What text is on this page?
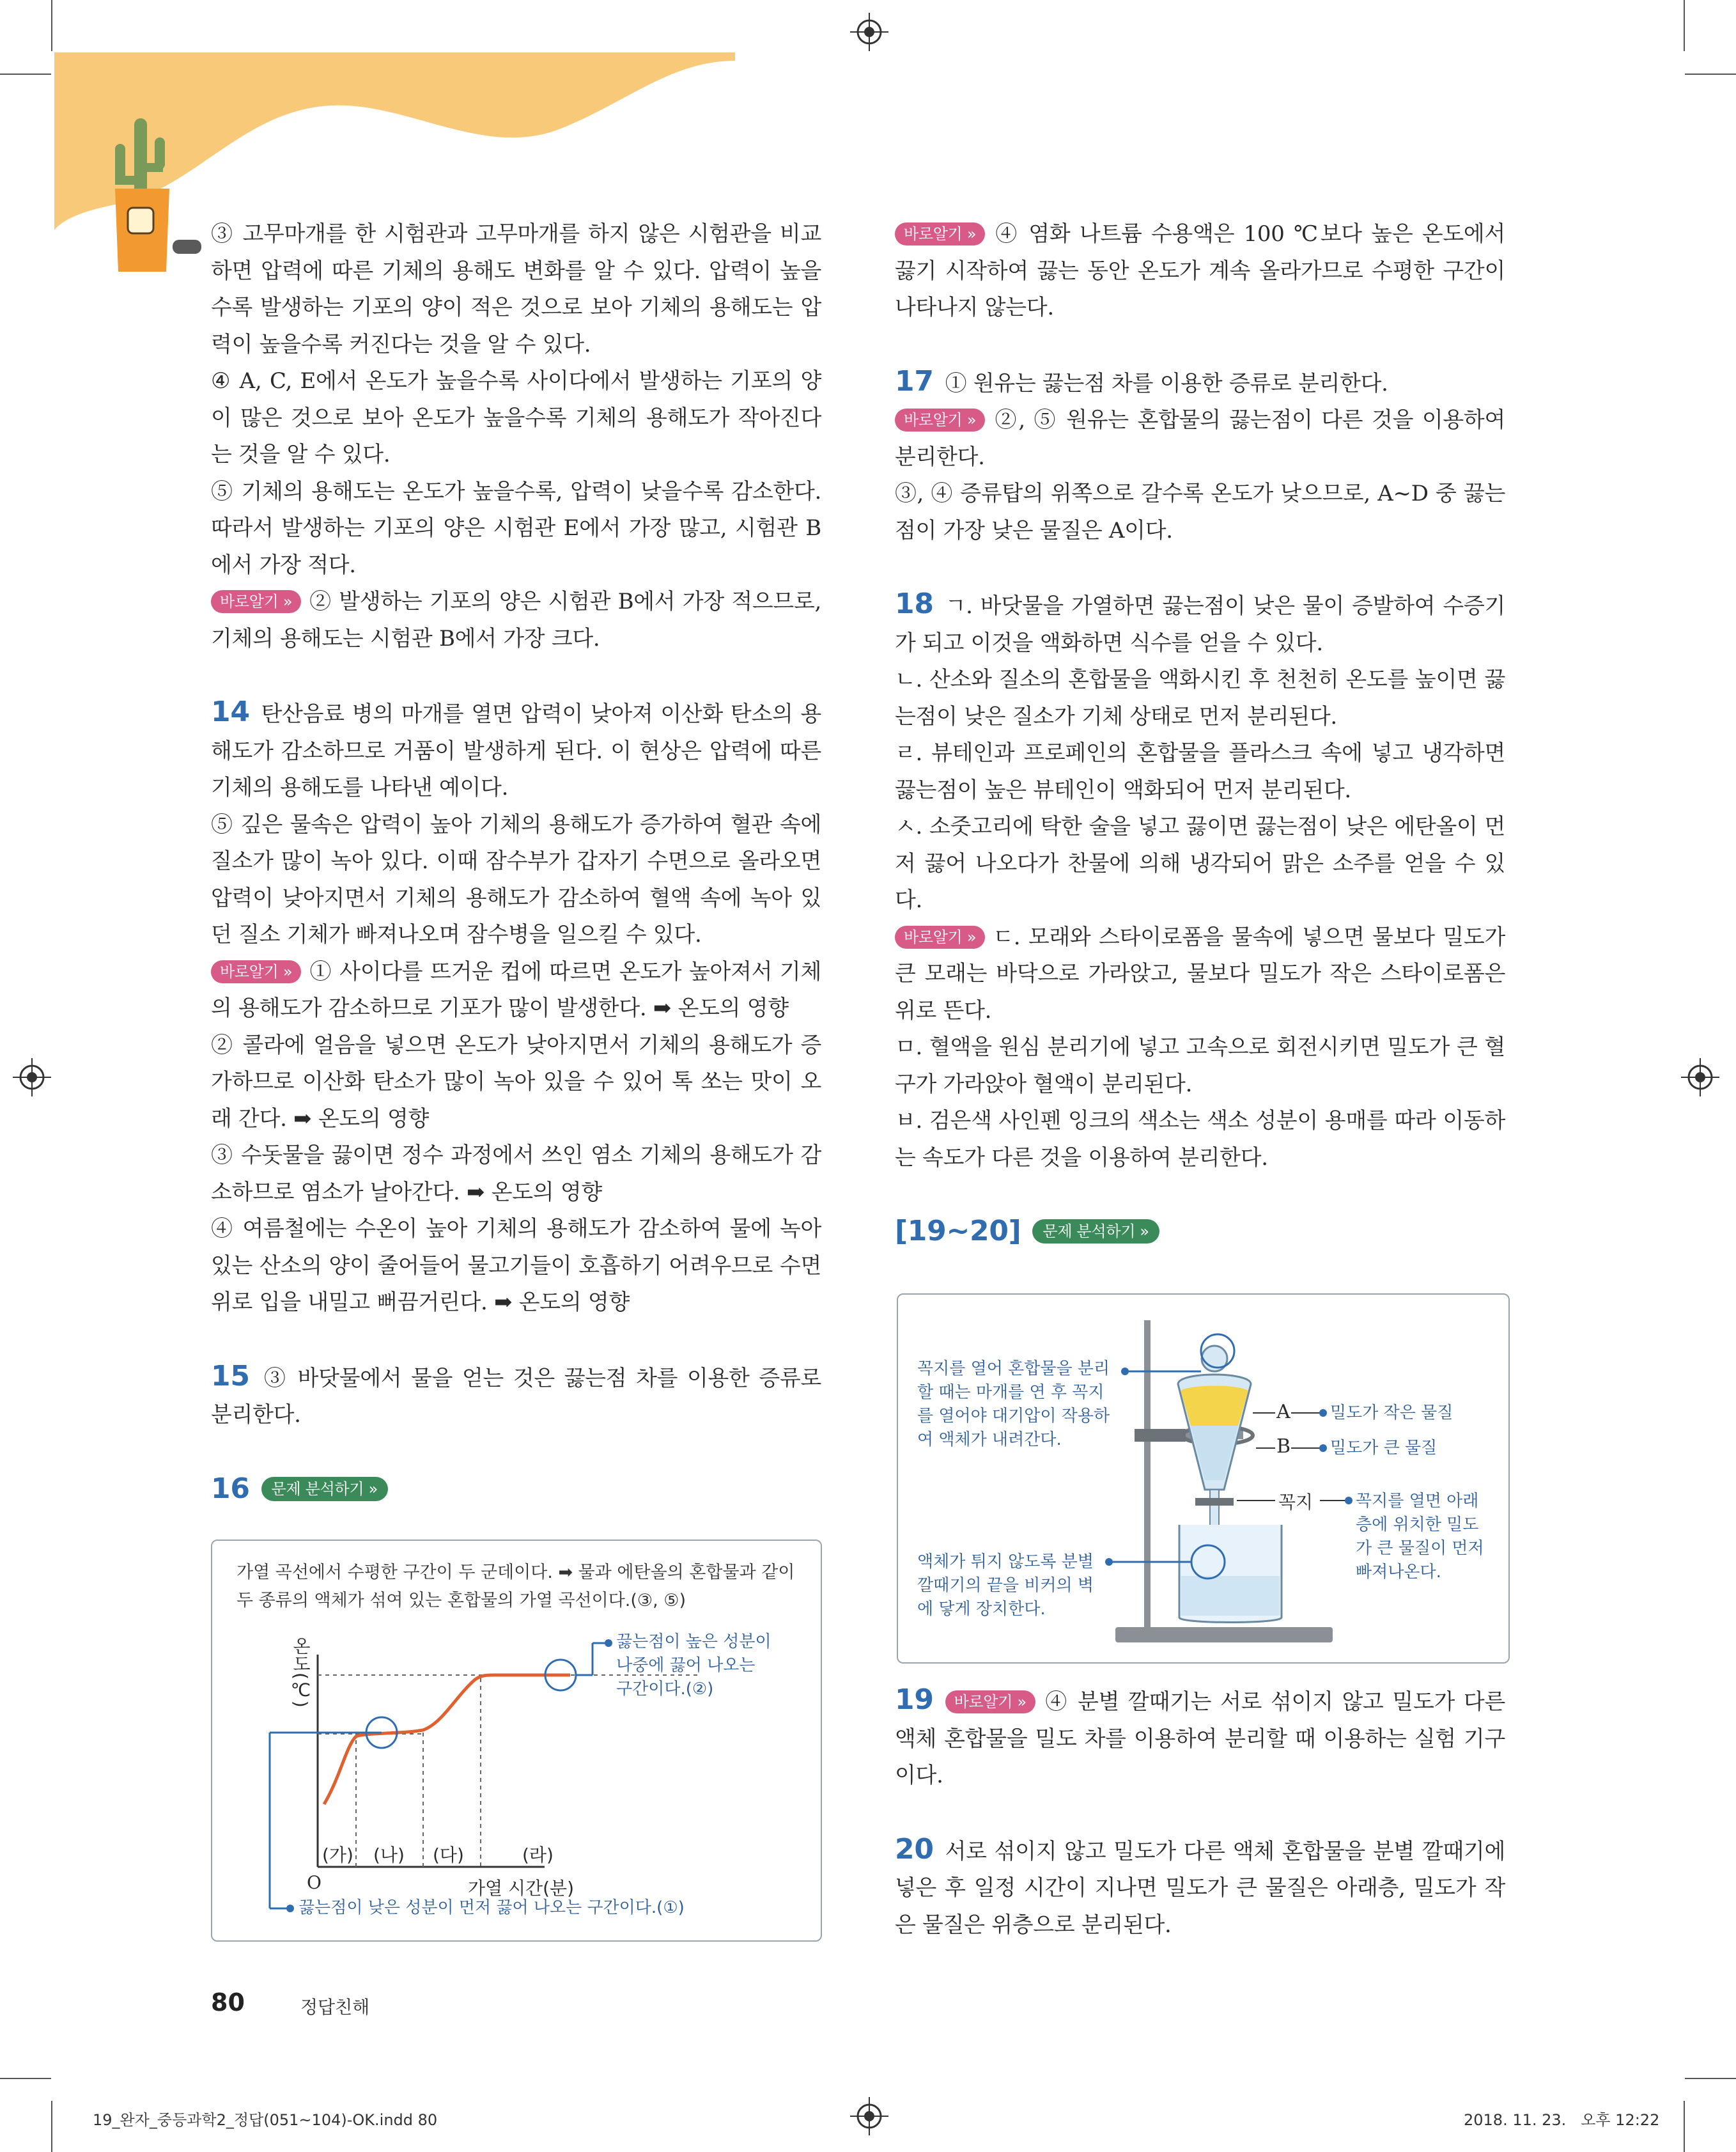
③ 고무마개를 한 시험관과 고무마개를 하지 않은 시험관을 비교하면 압력에 따른 기체의 용해도 변화를 알 수 있다. 압력이 높을수록 발생하는 기포의 양이 적은 것으로 보아 기체의 용해도는 압력이 높을수록 커진다는 것을 알 수 있다.

④ A, C, E에서 온도가 높을수록 사이다에서 발생하는 기포의 양이 많은 것으로 보아 온도가 높을수록 기체의 용해도가 작아진다는 것을 알 수 있다.

⑤ 기체의 용해도는 온도가 높을수록, 압력이 낮을수록 감소한다. 따라서 발생하는 기포의 양은 시험관 E에서 가장 많고, 시험관 B에서 가장 적다.

바로알기 » ② 발생하는 기포의 양은 시험관 B에서 가장 적으므로, 기체의 용해도는 시험관 B에서 가장 크다.

14 탄산음료 병의 마개를 열면 압력이 낮아져 이산화 탄소의 용해도가 감소하므로 거품이 발생하게 된다. 이 현상은 압력에 따른 기체의 용해도를 나타낸 예이다.

⑤ 깊은 물속은 압력이 높아 기체의 용해도가 증가하여 혈관 속에 질소가 많이 녹아 있다. 이때 잠수부가 갑자기 수면으로 올라오면 압력이 낮아지면서 기체의 용해도가 감소하여 혈액 속에 녹아 있던 질소 기체가 빠져나오며 잠수병을 일으킬 수 있다.

바로알기 » ① 사이다를 뜨거운 컵에 따르면 온도가 높아져서 기체의 용해도가 감소하므로 기포가 많이 발생한다. ➡ 온도의 영향

② 콜라에 얼음을 넣으면 온도가 낮아지면서 기체의 용해도가 증가하므로 이산화 탄소가 많이 녹아 있을 수 있어 톡 쏘는 맛이 오래 간다. ➡ 온도의 영향

③ 수돗물을 끓이면 정수 과정에서 쓰인 염소 기체의 용해도가 감소하므로 염소가 날아간다. ➡ 온도의 영향

④ 여름철에는 수온이 높아 기체의 용해도가 감소하여 물에 녹아 있는 산소의 양이 줄어들어 물고기들이 호흡하기 어려우므로 수면 위로 입을 내밀고 뻐끔거린다. ➡ 온도의 영향

15 ③ 바닷물에서 물을 얻는 것은 끓는점 차를 이용한 증류로 분리한다.

16 문제 분석하기 »

가열 곡선에서 수평한 구간이 두 군데이다. ➡ 물과 에탄올의 혼합물과 같이 두 종류의 액체가 섞여 있는 혼합물의 가열 곡선이다.(③, ⑤)
온도(℃)
(가) (나) (다)	(라)
O	가열 시간(분)
끓는점이 높은 성분이 나중에 끓어 나오는 구간이다.(②)
끓는점이 낮은 성분이 먼저 끓어 나오는 구간이다.(①)

바로알기 » ④ 염화 나트륨 수용액은 100 ℃보다 높은 온도에서 끓기 시작하여 끓는 동안 온도가 계속 올라가므로 수평한 구간이 나타나지 않는다.

17 ① 원유는 끓는점 차를 이용한 증류로 분리한다.

바로알기 » ②, ⑤ 원유는 혼합물의 끓는점이 다른 것을 이용하여 분리한다.

③, ④ 증류탑의 위쪽으로 갈수록 온도가 낮으므로, A~D 중 끓는점이 가장 낮은 물질은 A이다.

18 ㄱ. 바닷물을 가열하면 끓는점이 낮은 물이 증발하여 수증기가 되고 이것을 액화하면 식수를 얻을 수 있다.

ㄴ. 산소와 질소의 혼합물을 액화시킨 후 천천히 온도를 높이면 끓는점이 낮은 질소가 기체 상태로 먼저 분리된다.

ㄹ. 뷰테인과 프로페인의 혼합물을 플라스크 속에 넣고 냉각하면 끓는점이 높은 뷰테인이 액화되어 먼저 분리된다.

ㅅ. 소줏고리에 탁한 술을 넣고 끓이면 끓는점이 낮은 에탄올이 먼저 끓어 나오다가 찬물에 의해 냉각되어 맑은 소주를 얻을 수 있다.

바로알기 » ㄷ. 모래와 스타이로폼을 물속에 넣으면 물보다 밀도가 큰 모래는 바닥으로 가라앉고, 물보다 밀도가 작은 스타이로폼은 위로 뜬다.

ㅁ. 혈액을 원심 분리기에 넣고 고속으로 회전시키면 밀도가 큰 혈구가 가라앉아 혈액이 분리된다.

ㅂ. 검은색 사인펜 잉크의 색소는 색소 성분이 용매를 따라 이동하는 속도가 다른 것을 이용하여 분리한다.

[19~20] 문제 분석하기 »

꼭지를 열어 혼합물을 분리할 때는 마개를 연 후 꼭지를 열어야 대기압이 작용하여 액체가 내려간다.
액체가 튀지 않도록 분별 깔때기의 끝을 비커의 벽에 닿게 장치한다.
A
B
꼭지
밀도가 작은 물질
밀도가 큰 물질
꼭지를 열면 아래층에 위치한 밀도가 큰 물질이 먼저 빠져나온다.

19 바로알기 » ④ 분별 깔때기는 서로 섞이지 않고 밀도가 다른 액체 혼합물을 밀도 차를 이용하여 분리할 때 이용하는 실험 기구이다.

20 서로 섞이지 않고 밀도가 다른 액체 혼합물을 분별 깔때기에 넣은 후 일정 시간이 지나면 밀도가 큰 물질은 아래층, 밀도가 작은 물질은 위층으로 분리된다.

80	정답친해
19_완자_중등과학2_정답(051~104)-OK.indd 80	2018. 11. 23.   오후 12:22
